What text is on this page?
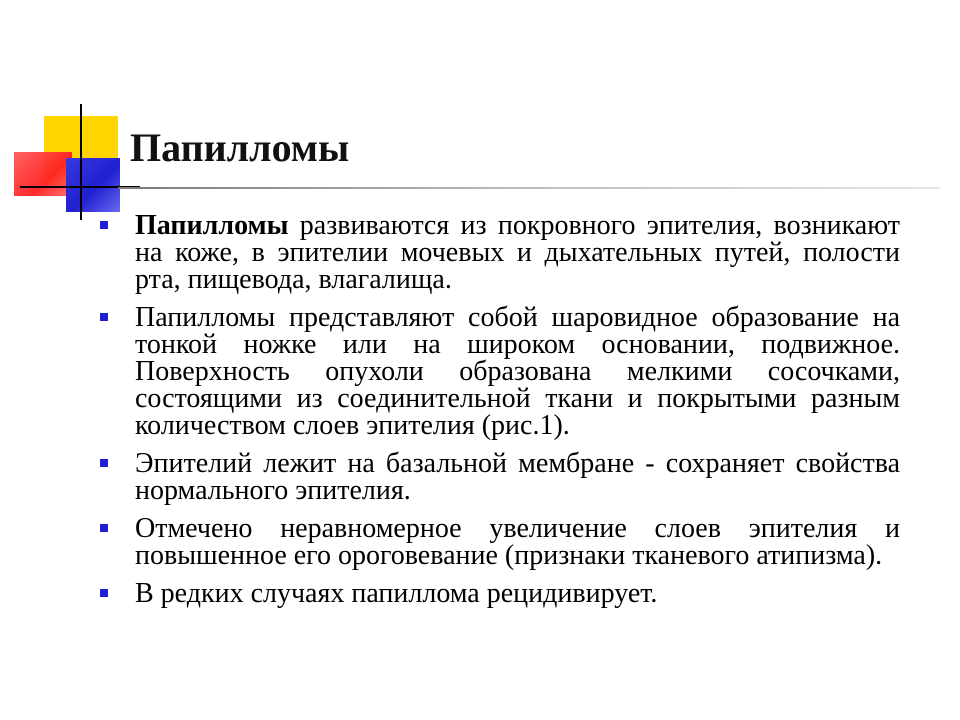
Папилломы
Папилломы развиваются из покровного эпителия, возникают на коже, в эпителии мочевых и дыхательных путей, полости рта, пищевода, влагалища.
Папилломы представляют собой шаровидное образование на тонкой ножке или на широком основании, подвижное. Поверхность опухоли образована мелкими сосочками, состоящими из соединительной ткани и покрытыми разным количеством слоев эпителия (рис.1).
Эпителий лежит на базальной мембране - сохраняет свойства нормального эпителия.
Отмечено неравномерное увеличение слоев эпителия и повышенное его ороговевание (признаки тканевого атипизма).
В редких случаях папиллома рецидивирует.
